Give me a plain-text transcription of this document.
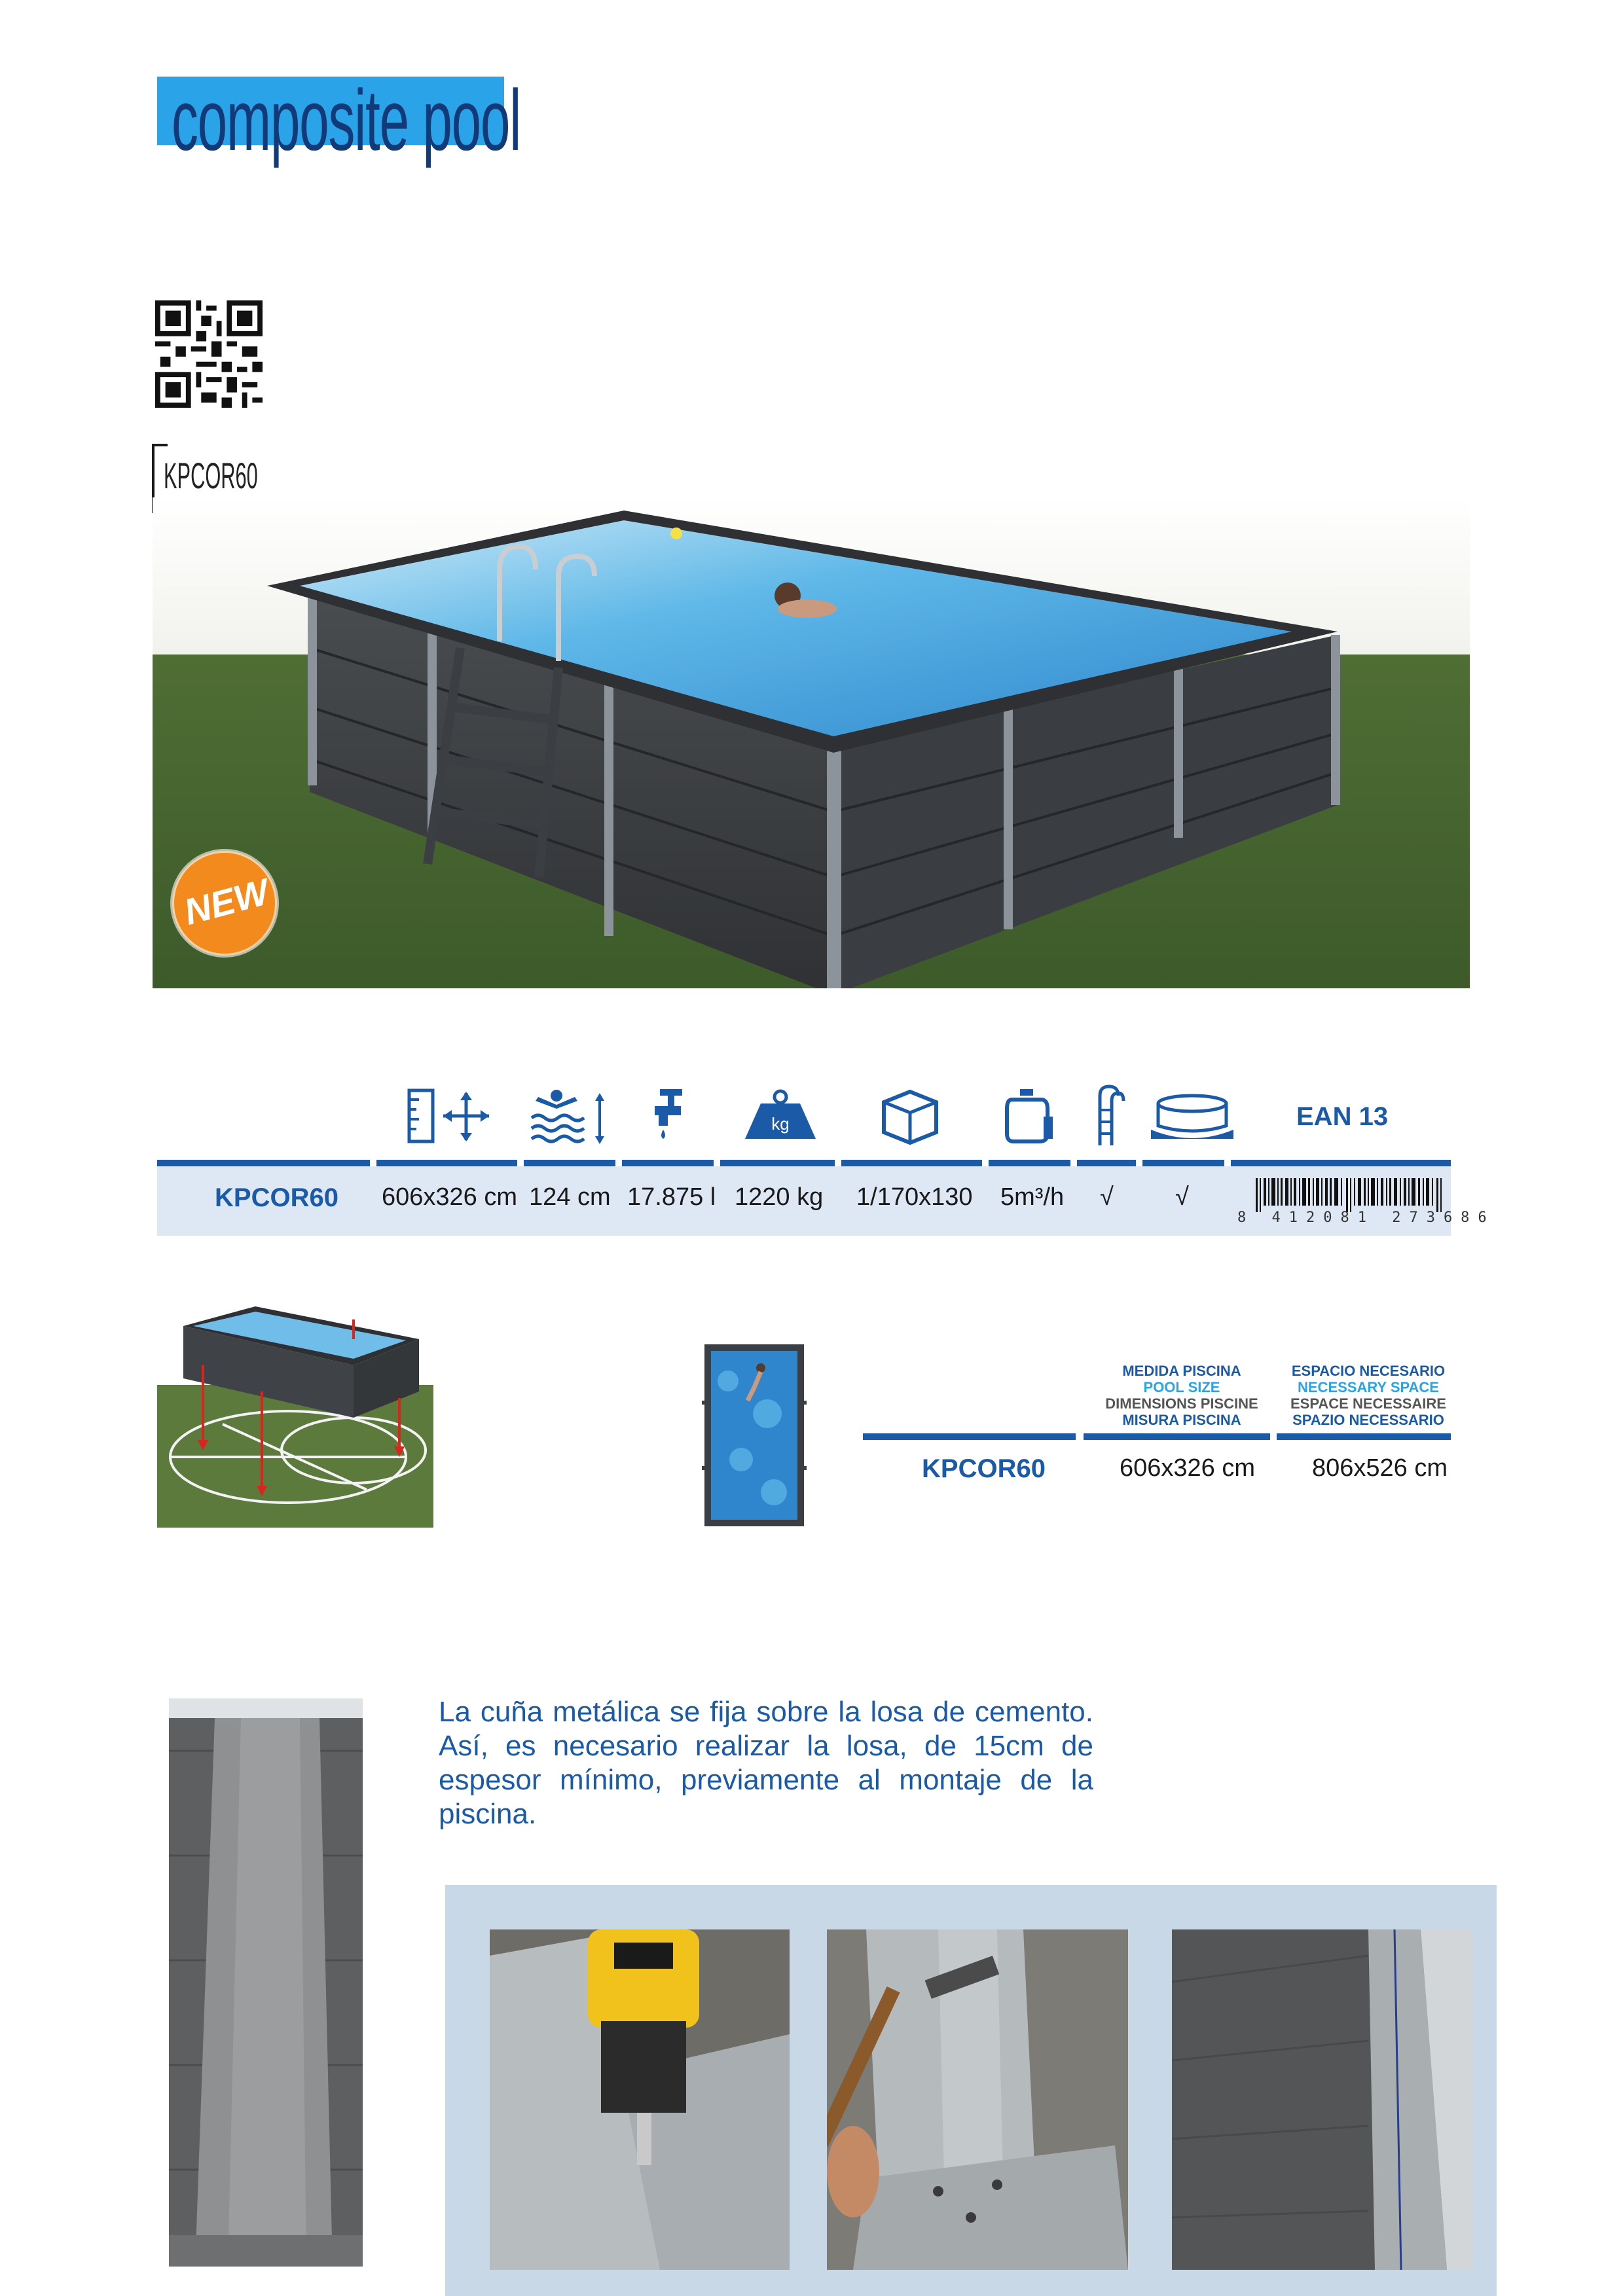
composite pool
KPCOR60
NEW
kg	EAN 13
KPCOR60 606x326 cm 124 cm 17.875 l 1220 kg 1/170x130 5m³/h √ √
8 412081 273686
MEDIDA PISCINA
POOL SIZE
DIMENSIONS PISCINE
MISURA PISCINA
ESPACIO NECESARIO
NECESSARY SPACE
ESPACE NECESSAIRE
SPAZIO NECESSARIO
KPCOR60	606x326 cm 806x526 cm
La cuña metálica se fija sobre la losa de cemento. Así, es necesario realizar la losa, de 15cm de espesor mínimo, previamente al montaje de la piscina.
